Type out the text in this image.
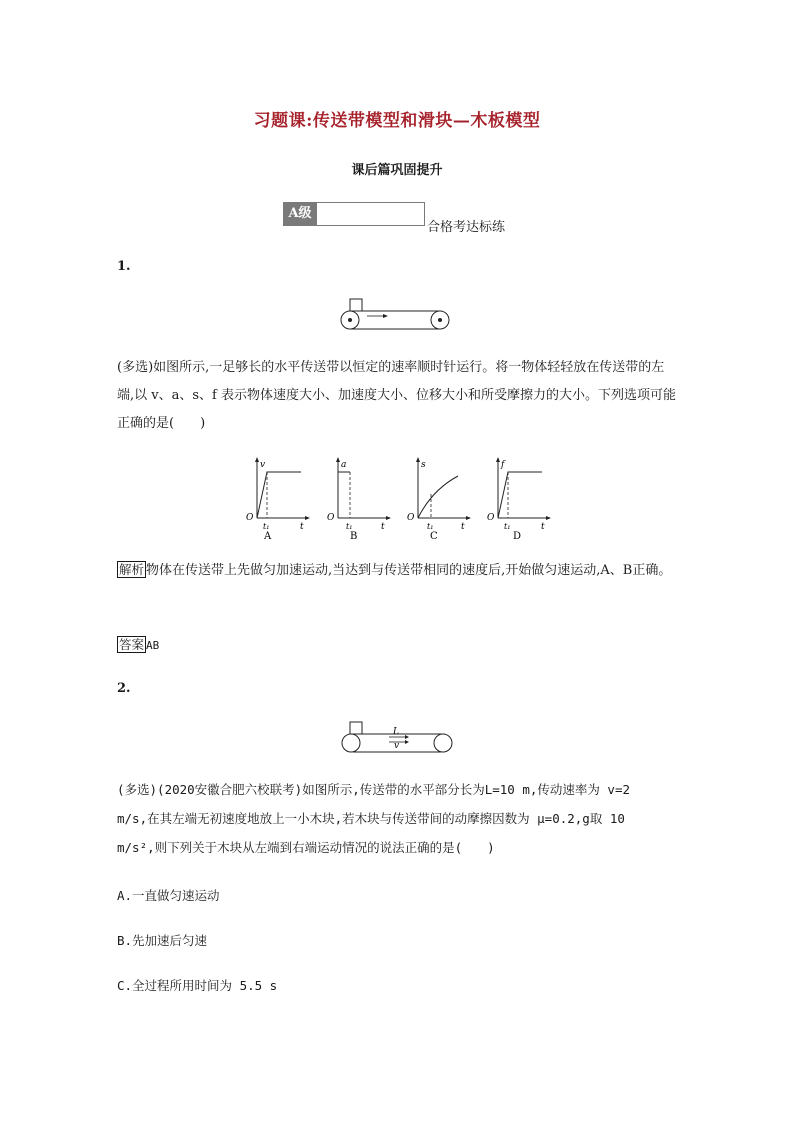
习题课:传送带模型和滑块—木板模型
课后篇巩固提升
A级
合格考达标练
1.
(多选)如图所示,一足够长的水平传送带以恒定的速率顺时针运行。将一物体轻轻放在传送带的左端,以 v、a、s、f 表示物体速度大小、加速度大小、位移大小和所受摩擦力的大小。下列选项可能正确的是(　　)
v
O
t₁	t
A
a
O
t₁	t
B
s
O
t₁	t
C
f
O
t₁	t
D
解析 物体在传送带上先做匀加速运动,当达到与传送带相同的速度后,开始做匀速运动,A、B正确。
答案 AB
2.
L
v
(多选)(2020安徽合肥六校联考)如图所示,传送带的水平部分长为L=10 m,传动速率为 v=2
m/s,在其左端无初速度地放上一小木块,若木块与传送带间的动摩擦因数为 μ=0.2,g取 10
m/s²,则下列关于木块从左端到右端运动情况的说法正确的是(　　)
A.一直做匀速运动
B.先加速后匀速
C.全过程所用时间为 5.5 s
